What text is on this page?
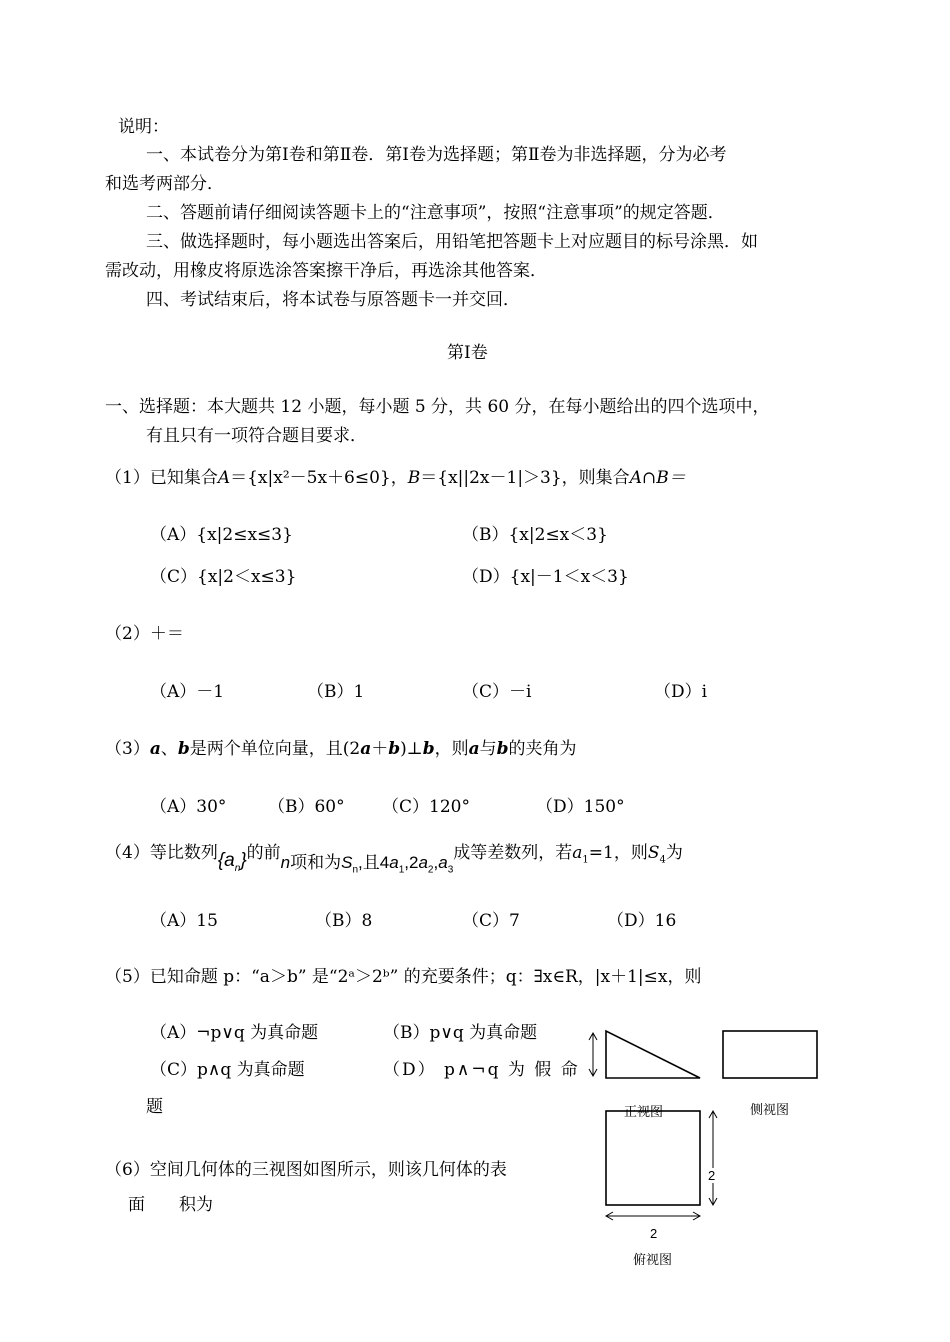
说明：
一、本试卷分为第Ⅰ卷和第Ⅱ卷．第Ⅰ卷为选择题；第Ⅱ卷为非选择题，分为必考
和选考两部分．
二、答题前请仔细阅读答题卡上的“注意事项”，按照“注意事项”的规定答题．
三、做选择题时，每小题选出答案后，用铅笔把答题卡上对应题目的标号涂黑．如
需改动，用橡皮将原选涂答案擦干净后，再选涂其他答案．
四、考试结束后，将本试卷与原答题卡一并交回．
第Ⅰ卷
一、选择题：本大题共 12 小题，每小题 5 分，共 60 分，在每小题给出的四个选项中，
有且只有一项符合题目要求．
（1）已知集合A＝{x|x²－5x＋6≤0}，B＝{x||2x－1|＞3}，则集合A∩B＝
（A）{x|2≤x≤3}	（B）{x|2≤x＜3}
（C）{x|2＜x≤3}	（D）{x|－1＜x＜3}
（2）＋＝
（A）－1	（B）1	（C）－i	（D）i
（3）a、b是两个单位向量，且(2a＋b)⊥b，则a与b的夹角为
（A）30° （B）60° （C）120°	（D）150°
（4）等比数列$\{a_n\}$的前n项和为$S_n$,且$4a_1,2a_2,a_3$成等差数列，若$a_1=1$，则$S_4$为
（A）15	（B）8	（C）7	（D）16
（5）已知命题 p：“a＞b” 是“2ᵃ＞2ᵇ” 的充要条件；q：∃x∈R，|x＋1|≤x，则
（A）¬p∨q 为真命题	（B）p∨q 为真命题
（C）p∧q 为真命题	（D） p∧¬q 为 假 命
题
（6）空间几何体的三视图如图所示，则该几何体的表
面　　积为
正视图	侧视图
2
2
俯视图
